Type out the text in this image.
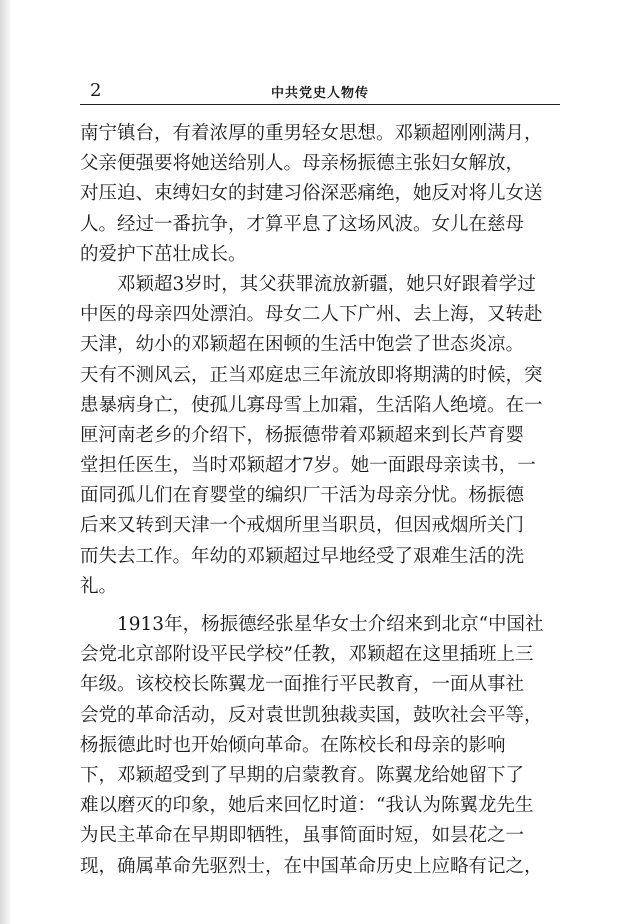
2	中共党史人物传
南宁镇台，有着浓厚的重男轻女思想。邓颖超刚刚满月，
父亲便强要将她送给别人。母亲杨振德主张妇女解放，
对压迫、束缚妇女的封建习俗深恶痛绝，她反对将儿女送
人。经过一番抗争，才算平息了这场风波。女儿在慈母
的爱护下茁壮成长。
邓颖超3岁时，其父获罪流放新疆，她只好跟着学过
中医的母亲四处漂泊。母女二人下广州、去上海，又转赴
天津，幼小的邓颖超在困顿的生活中饱尝了世态炎凉。
天有不测风云，正当邓庭忠三年流放即将期满的时候，突
患暴病身亡，使孤儿寡母雪上加霜，生活陷人绝境。在一
匣河南老乡的介绍下，杨振德带着邓颖超来到长芦育婴
堂担任医生，当时邓颖超才7岁。她一面跟母亲读书，一
面同孤儿们在育婴堂的编织厂干活为母亲分忧。杨振德
后来又转到天津一个戒烟所里当职员，但因戒烟所关门
而失去工作。年幼的邓颖超过早地经受了艰难生活的洗
礼。
1913年，杨振德经张星华女士介绍来到北京“中国社
会党北京部附设平民学校”任教，邓颖超在这里插班上三
年级。该校校长陈翼龙一面推行平民教育，一面从事社
会党的革命活动，反对袁世凯独裁卖国，鼓吹社会平等，
杨振德此时也开始倾向革命。在陈校长和母亲的影响
下，邓颖超受到了早期的启蒙教育。陈翼龙给她留下了
难以磨灭的印象，她后来回忆时道：“我认为陈翼龙先生
为民主革命在早期即牺牲，虽事简面时短，如昙花之一
现，确属革命先驱烈士，在中国革命历史上应略有记之，
